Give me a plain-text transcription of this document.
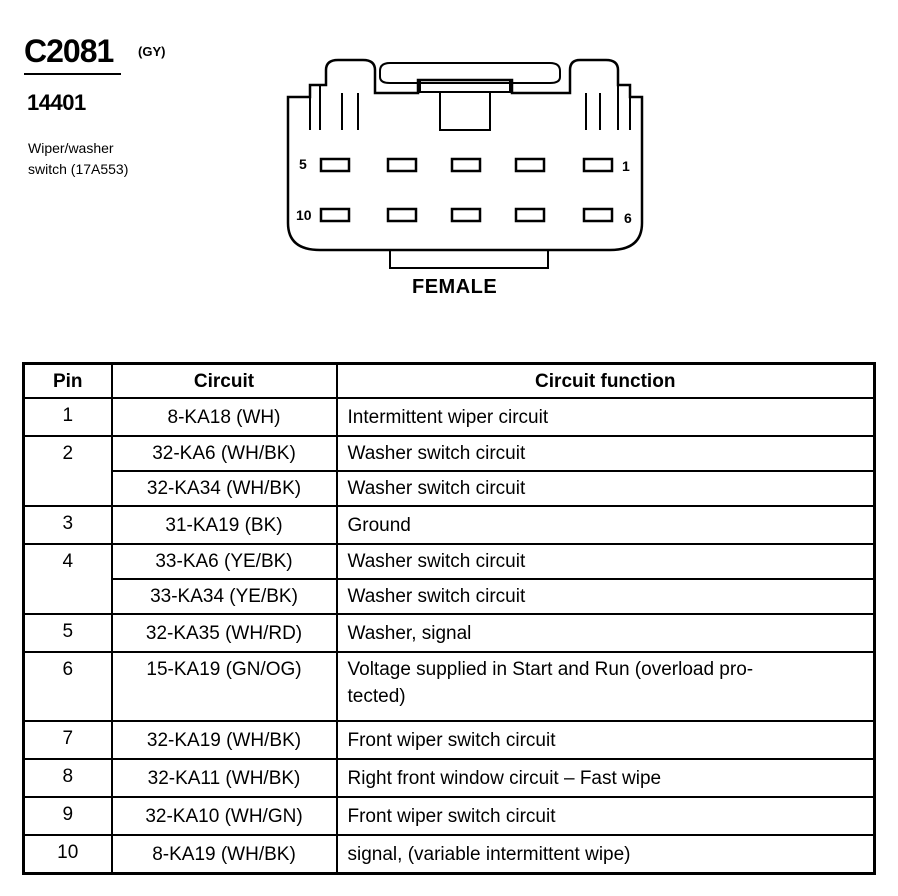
C2081 (GY)
14401
Wiper/washer
switch (17A553)	5	1
10	6
FEMALE
Pin	Circuit	Circuit function
1	8-KA18 (WH)	Intermittent wiper circuit
2	32-KA6 (WH/BK)	Washer switch circuit
	32-KA34 (WH/BK)	Washer switch circuit
3	31-KA19 (BK)	Ground
4	33-KA6 (YE/BK)	Washer switch circuit
	33-KA34 (YE/BK)	Washer switch circuit
5	32-KA35 (WH/RD)	Washer, signal
6	15-KA19 (GN/OG)	Voltage supplied in Start and Run (overload pro-
tected)

7	32-KA19 (WH/BK)	Front wiper switch circuit
8	32-KA11 (WH/BK)	Right front window circuit – Fast wipe
9	32-KA10 (WH/GN)	Front wiper switch circuit
10	8-KA19 (WH/BK)	signal, (variable intermittent wipe)
